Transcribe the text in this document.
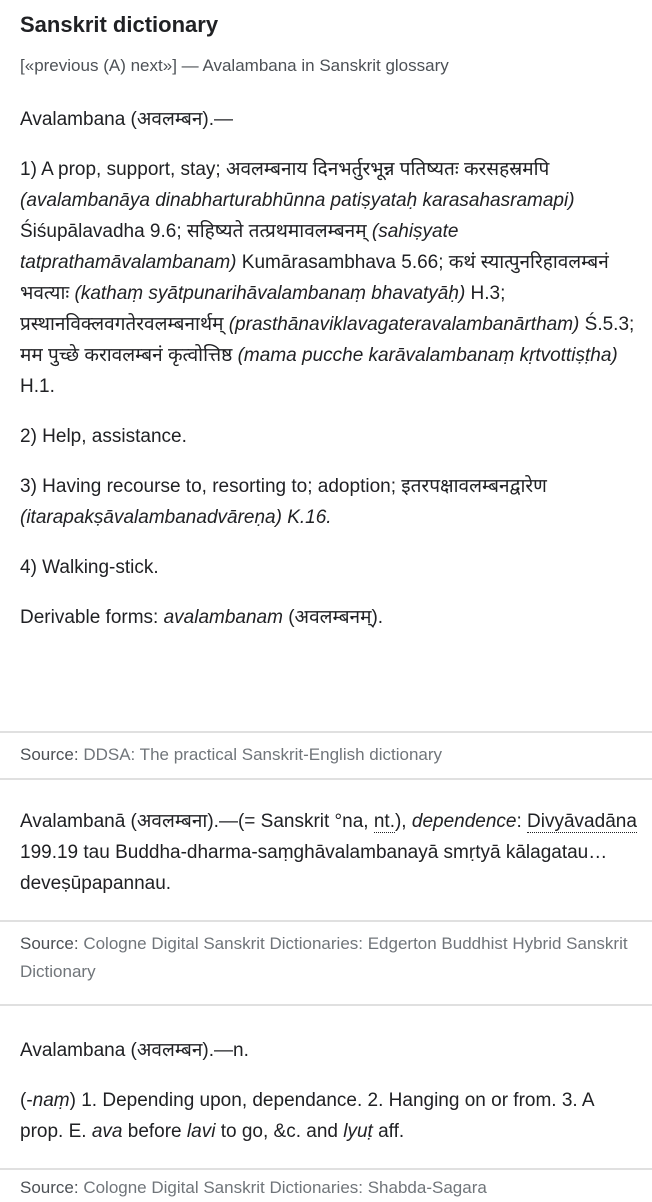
Sanskrit dictionary
[«previous (A) next»] — Avalambana in Sanskrit glossary

Avalambana (अवलम्बन).—

1) A prop, support, stay; अवलम्बनाय दिनभर्तुरभून्न पतिष्यतः करसहस्रमपि (avalambanāya dinabharturabhūnna patiṣyataḥ karasahasramapi) Śiśupālavadha 9.6; सहिष्यते तत्प्रथमावलम्बनम् (sahiṣyate tatprathamāvalambanam) Kumārasambhava 5.66; कथं स्यात्पुनरिहावलम्बनं भवत्याः (kathaṃ syātpunarihāvalambanaṃ bhavatyāḥ) H.3; प्रस्थानविक्लवगतेरवलम्बनार्थम् (prasthānaviklavagateravalambanārtham) Ś.5.3; मम पुच्छे करावलम्बनं कृत्वोत्तिष्ठ (mama pucche karāvalambanaṃ kṛtvottiṣṭha) H.1.

2) Help, assistance.

3) Having recourse to, resorting to; adoption; इतरपक्षावलम्बनद्वारेण (itarapakṣāvalambanadvāreṇa) K.16.

4) Walking-stick.

Derivable forms: avalambanam (अवलम्बनम्).

Source: DDSA: The practical Sanskrit-English dictionary

Avalambanā (अवलम्बना).—(= Sanskrit °na, nt.), dependence: Divyāvadāna 199.19 tau Buddha-dharma-saṃghāvalambanayā smṛtyā kālagatau…deveṣūpapannau.

Source: Cologne Digital Sanskrit Dictionaries: Edgerton Buddhist Hybrid Sanskrit Dictionary

Avalambana (अवलम्बन).—n.

(-naṃ) 1. Depending upon, dependance. 2. Hanging on or from. 3. A prop. E. ava before lavi to go, &c. and lyuṭ aff.

Source: Cologne Digital Sanskrit Dictionaries: Shabda-Sagara
